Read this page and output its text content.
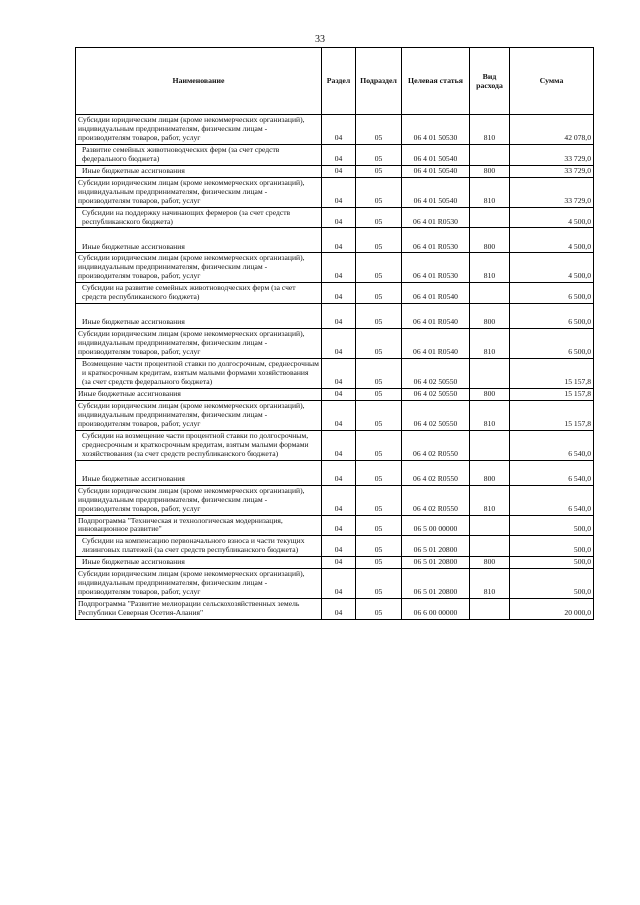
33
Наименование	Раздел	Подраздел	Целевая статья	Вид расхода	Сумма
Субсидии юридическим лицам (кроме некоммерческих организаций), индивидуальным предпринимателям, физическим лицам - производителям товаров, работ, услуг	04	05	06 4 01 50530	810	42 078,0
Развитие семейных животноводческих ферм (за счет средств федерального бюджета)	04	05	06 4 01 50540		33 729,0
Иные бюджетные ассигнования	04	05	06 4 01 50540	800	33 729,0
Субсидии юридическим лицам (кроме некоммерческих организаций), индивидуальным предпринимателям, физическим лицам - производителям товаров, работ, услуг	04	05	06 4 01 50540	810	33 729,0
Субсидии на поддержку начинающих фермеров (за счет средств республиканского бюджета)	04	05	06 4 01 R0530		4 500,0
Иные бюджетные ассигнования	04	05	06 4 01 R0530	800	4 500,0
Субсидии юридическим лицам (кроме некоммерческих организаций), индивидуальным предпринимателям, физическим лицам - производителям товаров, работ, услуг	04	05	06 4 01 R0530	810	4 500,0
Субсидии на развитие семейных животноводческих ферм (за счет средств республиканского бюджета)	04	05	06 4 01 R0540		6 500,0
Иные бюджетные ассигнования	04	05	06 4 01 R0540	800	6 500,0
Субсидии юридическим лицам (кроме некоммерческих организаций), индивидуальным предпринимателям, физическим лицам - производителям товаров, работ, услуг	04	05	06 4 01 R0540	810	6 500,0
Возмещение части процентной ставки по долгосрочным, среднесрочным и краткосрочным кредитам, взятым малыми формами хозяйствования (за счет средств федерального бюджета)	04	05	06 4 02 50550		15 157,8
Иные бюджетные ассигнования	04	05	06 4 02 50550	800	15 157,8
Субсидии юридическим лицам (кроме некоммерческих организаций), индивидуальным предпринимателям, физическим лицам - производителям товаров, работ, услуг	04	05	06 4 02 50550	810	15 157,8
Субсидии на возмещение части процентной ставки по долгосрочным, среднесрочным и краткосрочным кредитам, взятым малыми формами хозяйствования (за счет средств республиканского бюджета)	04	05	06 4 02 R0550		6 540,0
Иные бюджетные ассигнования	04	05	06 4 02 R0550	800	6 540,0
Субсидии юридическим лицам (кроме некоммерческих организаций), индивидуальным предпринимателям, физическим лицам - производителям товаров, работ, услуг	04	05	06 4 02 R0550	810	6 540,0
Подпрограмма "Техническая и технологическая модернизация, инновационное развитие"	04	05	06 5 00 00000		500,0
Субсидии на компенсацию первоначального взноса и части текущих лизинговых платежей (за счет средств республиканского бюджета)	04	05	06 5 01 20800		500,0
Иные бюджетные ассигнования	04	05	06 5 01 20800	800	500,0
Субсидии юридическим лицам (кроме некоммерческих организаций), индивидуальным предпринимателям, физическим лицам - производителям товаров, работ, услуг	04	05	06 5 01 20800	810	500,0
Подпрограмма "Развитие мелиорации сельскохозяйственных земель Республики Северная Осетия-Алания"	04	05	06 6 00 00000		20 000,0
